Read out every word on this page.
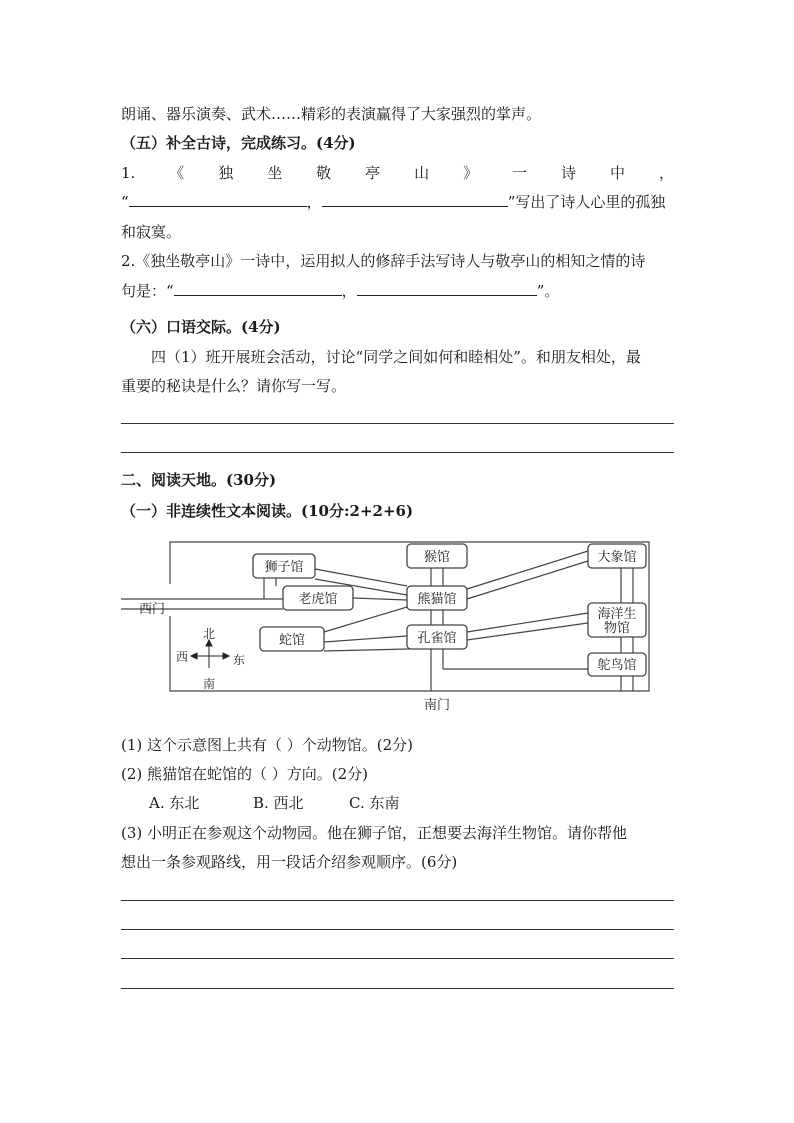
朗诵、器乐演奏、武术……精彩的表演赢得了大家强烈的掌声。
（五）补全古诗，完成练习。(4分)
1. 《 独 坐 敬 亭 山 》 一 诗 中 ，
“	，	”写出了诗人心里的孤独
和寂寞。
2.《独坐敬亭山》一诗中，运用拟人的修辞手法写诗人与敬亭山的相知之情的诗
句是：“	，	”。
（六）口语交际。(4分)
四（1）班开展班会活动，讨论“同学之间如何和睦相处”。和朋友相处，最
重要的秘诀是什么？请你写一写。
二、阅读天地。(30分)
（一）非连续性文本阅读。(10分:2+2+6)
狮子馆
老虎馆
蛇馆
猴馆
熊猫馆
孔雀馆
大象馆
海洋生
物馆
鸵鸟馆
西门
南门
北
南
东
西
(1) 这个示意图上共有（ ）个动物馆。(2分)
(2) 熊猫馆在蛇馆的（ ）方向。(2分)
A. 东北	B. 西北	C. 东南
(3) 小明正在参观这个动物园。他在狮子馆，正想要去海洋生物馆。请你帮他
想出一条参观路线，用一段话介绍参观顺序。(6分)
